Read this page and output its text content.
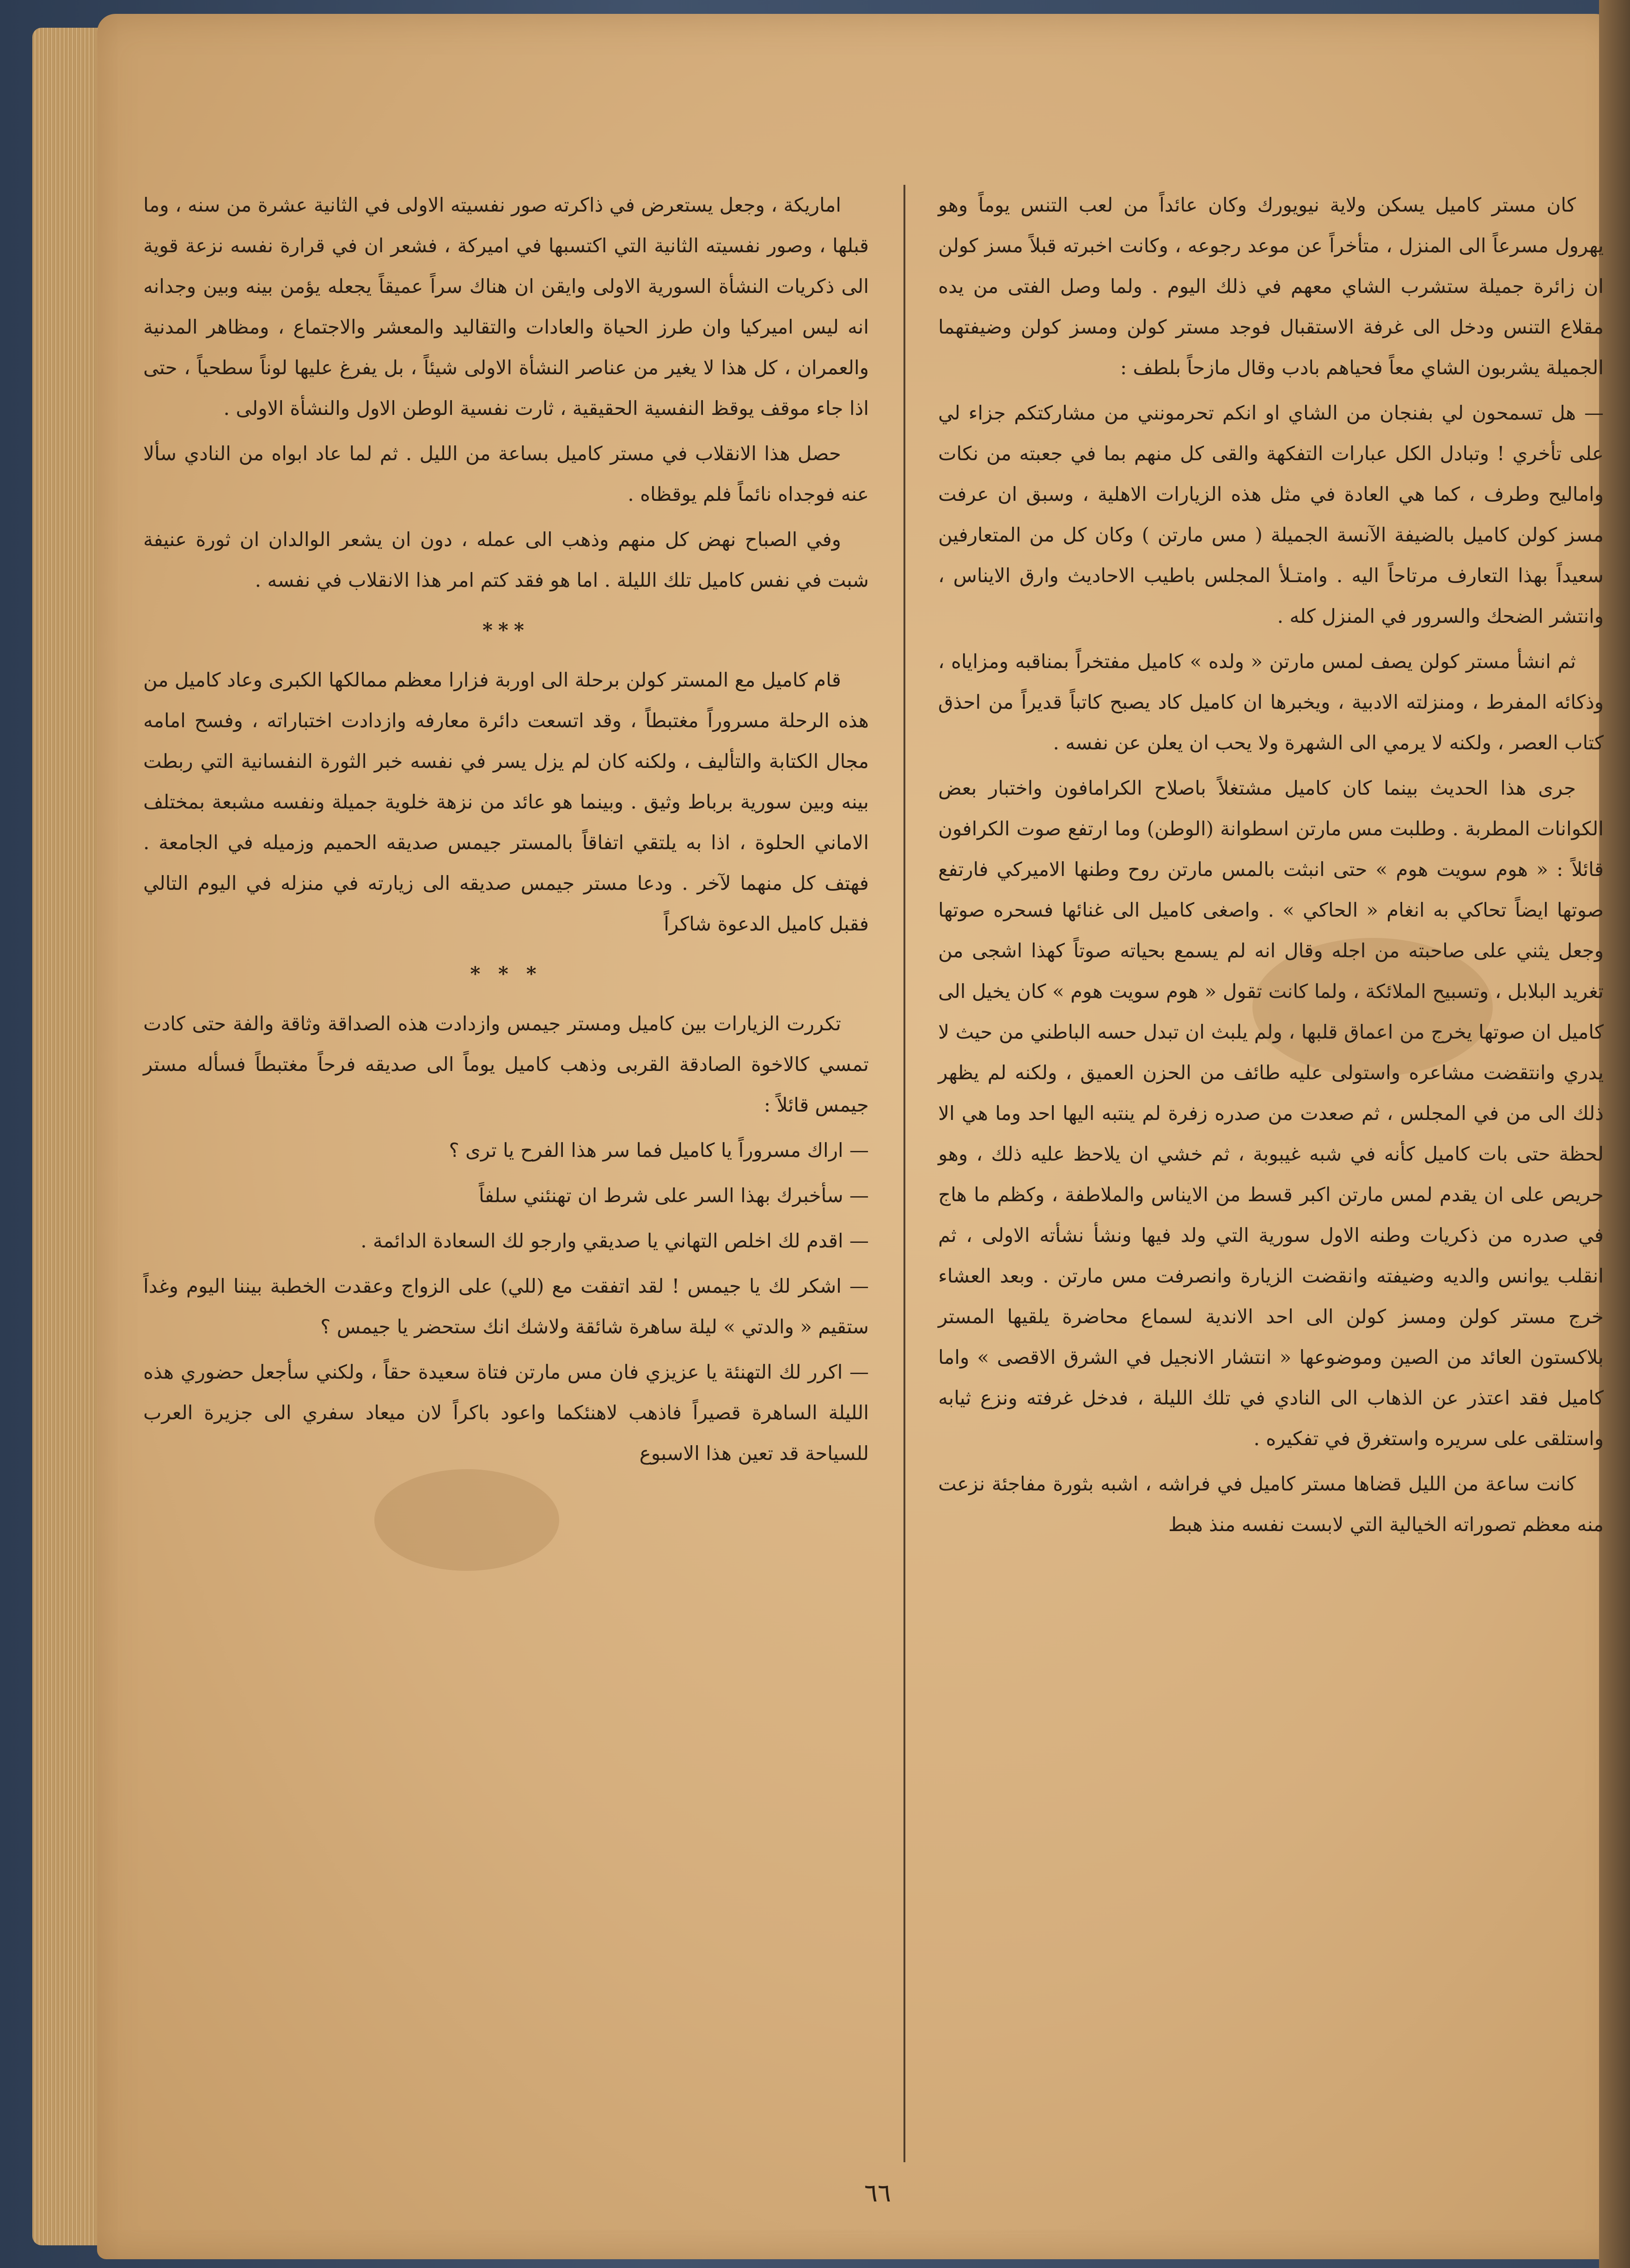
كان مستر كاميل يسكن ولاية نيويورك وكان عائداً من لعب التنس يوماً وهو يهرول مسرعاً الى المنزل ، متأخراً عن موعد رجوعه ، وكانت اخبرته قبلاً مسز كولن ان زائرة جميلة ستشرب الشاي معهم في ذلك اليوم . ولما وصل الفتى من يده مقلاع التنس ودخل الى غرفة الاستقبال فوجد مستر كولن ومسز كولن وضيفتهما الجميلة يشربون الشاي معاً فحياهم بادب وقال مازحاً بلطف :

— هل تسمحون لي بفنجان من الشاي او انكم تحرمونني من مشاركتكم جزاء لي على تأخري ! وتبادل الكل عبارات التفكهة والقى كل منهم بما في جعبته من نكات واماليح وطرف ، كما هي العادة في مثل هذه الزيارات الاهلية ، وسبق ان عرفت مسز كولن كاميل بالضيفة الآنسة الجميلة ( مس مارتن ) وكان كل من المتعارفين سعيداً بهذا التعارف مرتاحاً اليه . وامتـلأ المجلس باطيب الاحاديث وارق الايناس ، وانتشر الضحك والسرور في المنزل كله .

ثم انشأ مستر كولن يصف لمس مارتن « ولده » كاميل مفتخراً بمناقبه ومزاياه ، وذكائه المفرط ، ومنزلته الادبية ، ويخبرها ان كاميل كاد يصبح كاتباً قديراً من احذق كتاب العصر ، ولكنه لا يرمي الى الشهرة ولا يحب ان يعلن عن نفسه .

جرى هذا الحديث بينما كان كاميل مشتغلاً باصلاح الكرامافون واختبار بعض الكوانات المطربة . وطلبت مس مارتن اسطوانة (الوطن) وما ارتفع صوت الكرافون قائلاً : « هوم سويت هوم » حتى انبثت بالمس مارتن روح وطنها الاميركي فارتفع صوتها ايضاً تحاكي به انغام « الحاكي » . واصغى كاميل الى غنائها فسحره صوتها وجعل يثني على صاحبته من اجله وقال انه لم يسمع بحياته صوتاً كهذا اشجى من تغريد البلابل ، وتسبيح الملائكة ، ولما كانت تقول « هوم سويت هوم » كان يخيل الى كاميل ان صوتها يخرج من اعماق قلبها ، ولم يلبث ان تبدل حسه الباطني من حيث لا يدري وانتقضت مشاعره واستولى عليه طائف من الحزن العميق ، ولكنه لم يظهر ذلك الى من في المجلس ، ثم صعدت من صدره زفرة لم ينتبه اليها احد وما هي الا لحظة حتى بات كاميل كأنه في شبه غيبوبة ، ثم خشي ان يلاحظ عليه ذلك ، وهو حريص على ان يقدم لمس مارتن اكبر قسط من الايناس والملاطفة ، وكظم ما هاج في صدره من ذكريات وطنه الاول سورية التي ولد فيها ونشأ نشأته الاولى ، ثم انقلب يوانس والديه وضيفته وانقضت الزيارة وانصرفت مس مارتن . وبعد العشاء خرج مستر كولن ومسز كولن الى احد الاندية لسماع محاضرة يلقيها المستر بلاكستون العائد من الصين وموضوعها « انتشار الانجيل في الشرق الاقصى » واما كاميل فقد اعتذر عن الذهاب الى النادي في تلك الليلة ، فدخل غرفته ونزع ثيابه واستلقى على سريره واستغرق في تفكيره .

كانت ساعة من الليل قضاها مستر كاميل في فراشه ، اشبه بثورة مفاجئة نزعت منه معظم تصوراته الخيالية التي لابست نفسه منذ هبط

اماريكة ، وجعل يستعرض في ذاكرته صور نفسيته الاولى في الثانية عشرة من سنه ، وما قبلها ، وصور نفسيته الثانية التي اكتسبها في اميركة ، فشعر ان في قرارة نفسه نزعة قوية الى ذكريات النشأة السورية الاولى وايقن ان هناك سراً عميقاً يجعله يؤمن بينه وبين وجدانه انه ليس اميركيا وان طرز الحياة والعادات والتقاليد والمعشر والاجتماع ، ومظاهر المدنية والعمران ، كل هذا لا يغير من عناصر النشأة الاولى شيئاً ، بل يفرغ عليها لوناً سطحياً ، حتى اذا جاء موقف يوقظ النفسية الحقيقية ، ثارت نفسية الوطن الاول والنشأة الاولى .

حصل هذا الانقلاب في مستر كاميل بساعة من الليل . ثم لما عاد ابواه من النادي سألا عنه فوجداه نائماً فلم يوقظاه .

وفي الصباح نهض كل منهم وذهب الى عمله ، دون ان يشعر الوالدان ان ثورة عنيفة شبت في نفس كاميل تلك الليلة . اما هو فقد كتم امر هذا الانقلاب في نفسه .

***

قام كاميل مع المستر كولن برحلة الى اوربة فزارا معظم ممالكها الكبرى وعاد كاميل من هذه الرحلة مسروراً مغتبطاً ، وقد اتسعت دائرة معارفه وازدادت اختباراته ، وفسح امامه مجال الكتابة والتأليف ، ولكنه كان لم يزل يسر في نفسه خبر الثورة النفسانية التي ربطت بينه وبين سورية برباط وثيق . وبينما هو عائد من نزهة خلوية جميلة ونفسه مشبعة بمختلف الاماني الحلوة ، اذا به يلتقي اتفاقاً بالمستر جيمس صديقه الحميم وزميله في الجامعة . فهتف كل منهما لآخر . ودعا مستر جيمس صديقه الى زيارته في منزله في اليوم التالي فقبل كاميل الدعوة شاكراً

* * *

تكررت الزيارات بين كاميل ومستر جيمس وازدادت هذه الصداقة وثاقة والفة حتى كادت تمسي كالاخوة الصادقة القربى وذهب كاميل يوماً الى صديقه فرحاً مغتبطاً فسأله مستر جيمس قائلاً :

— اراك مسروراً يا كاميل فما سر هذا الفرح يا ترى ؟

— سأخبرك بهذا السر على شرط ان تهنئني سلفاً

— اقدم لك اخلص التهاني يا صديقي وارجو لك السعادة الدائمة .

— اشكر لك يا جيمس ! لقد اتفقت مع (للي) على الزواج وعقدت الخطبة بيننا اليوم وغداً ستقيم « والدتي » ليلة ساهرة شائقة ولاشك انك ستحضر يا جيمس ؟

— اكرر لك التهنئة يا عزيزي فان مس مارتن فتاة سعيدة حقاً ، ولكني سأجعل حضوري هذه الليلة الساهرة قصيراً فاذهب لاهنئكما واعود باكراً لان ميعاد سفري الى جزيرة العرب للسياحة قد تعين هذا الاسبوع

٦٦
